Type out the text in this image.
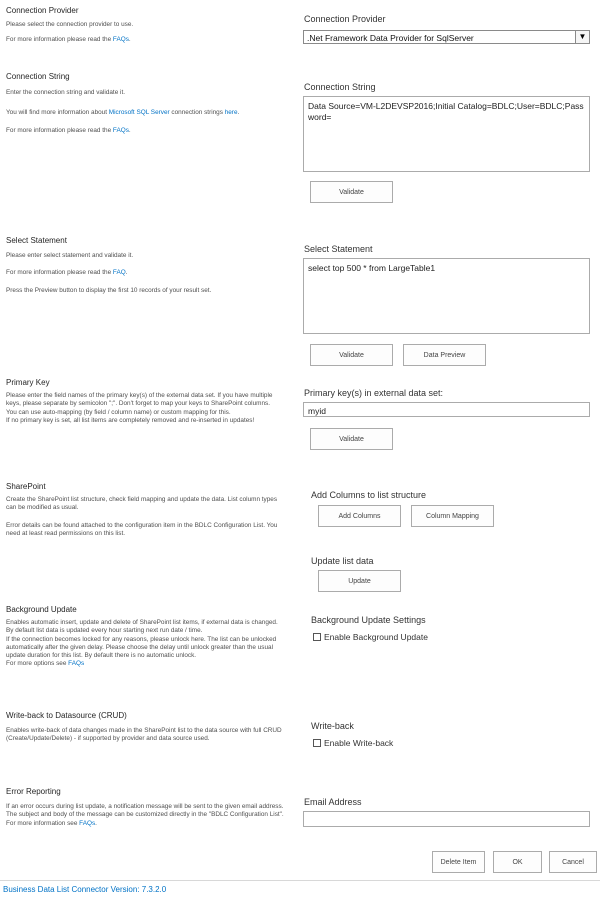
Connection Provider

Please select the connection provider to use.

For more information please read the FAQs.

Connection Provider
.Net Framework Data Provider for SqlServer	▼
Connection String

Enter the connection string and validate it.

You will find more information about Microsoft SQL Server connection strings here.

For more information please read the FAQs.

Connection String
Data Source=VM-L2DEVSP2016;Initial Catalog=BDLC;User=BDLC;Password=
Validate
Select Statement

Please enter select statement and validate it.

For more information please read the FAQ.

Press the Preview button to display the first 10 records of your result set.

Select Statement
select top 500 * from LargeTable1
Validate	Data Preview
Primary Key

Please enter the field names of the primary key(s) of the external data set. If you have multiple keys, please separate by semicolon ";". Don't forget to map your keys to SharePoint columns. You can use auto-mapping (by field / column name) or custom mapping for this.

If no primary key is set, all list items are completely removed and re-inserted in updates!

Primary key(s) in external data set:
myid
Validate
SharePoint

Create the SharePoint list structure, check field mapping and update the data. List column types can be modified as usual.

Error details can be found attached to the configuration item in the BDLC Configuration List. You need at least read permissions on this list.

Add Columns to list structure
Add Columns	Column Mapping
Update list data
Update
Background Update

Enables automatic insert, update and delete of SharePoint list items, if external data is changed. By default list data is updated every hour starting next run date / time.

If the connection becomes locked for any reasons, please unlock here. The list can be unlocked automatically after the given delay. Please choose the delay until unlock greater than the usual update duration for this list. By default there is no automatic unlock.

For more options see FAQs

Background Update Settings
Enable Background Update
Write-back to Datasource (CRUD)
Enables write-back of data changes made in the SharePoint list to the data source with full CRUD (Create/Update/Delete) - if supported by provider and data source used.
Write-back
Enable Write-back
Error Reporting
If an error occurs during list update, a notification message will be sent to the given email address. The subject and body of the message can be customized directly in the "BDLC Configuration List". For more information see FAQs.
Email Address
Delete Item	OK	Cancel
Business Data List Connector Version: 7.3.2.0
